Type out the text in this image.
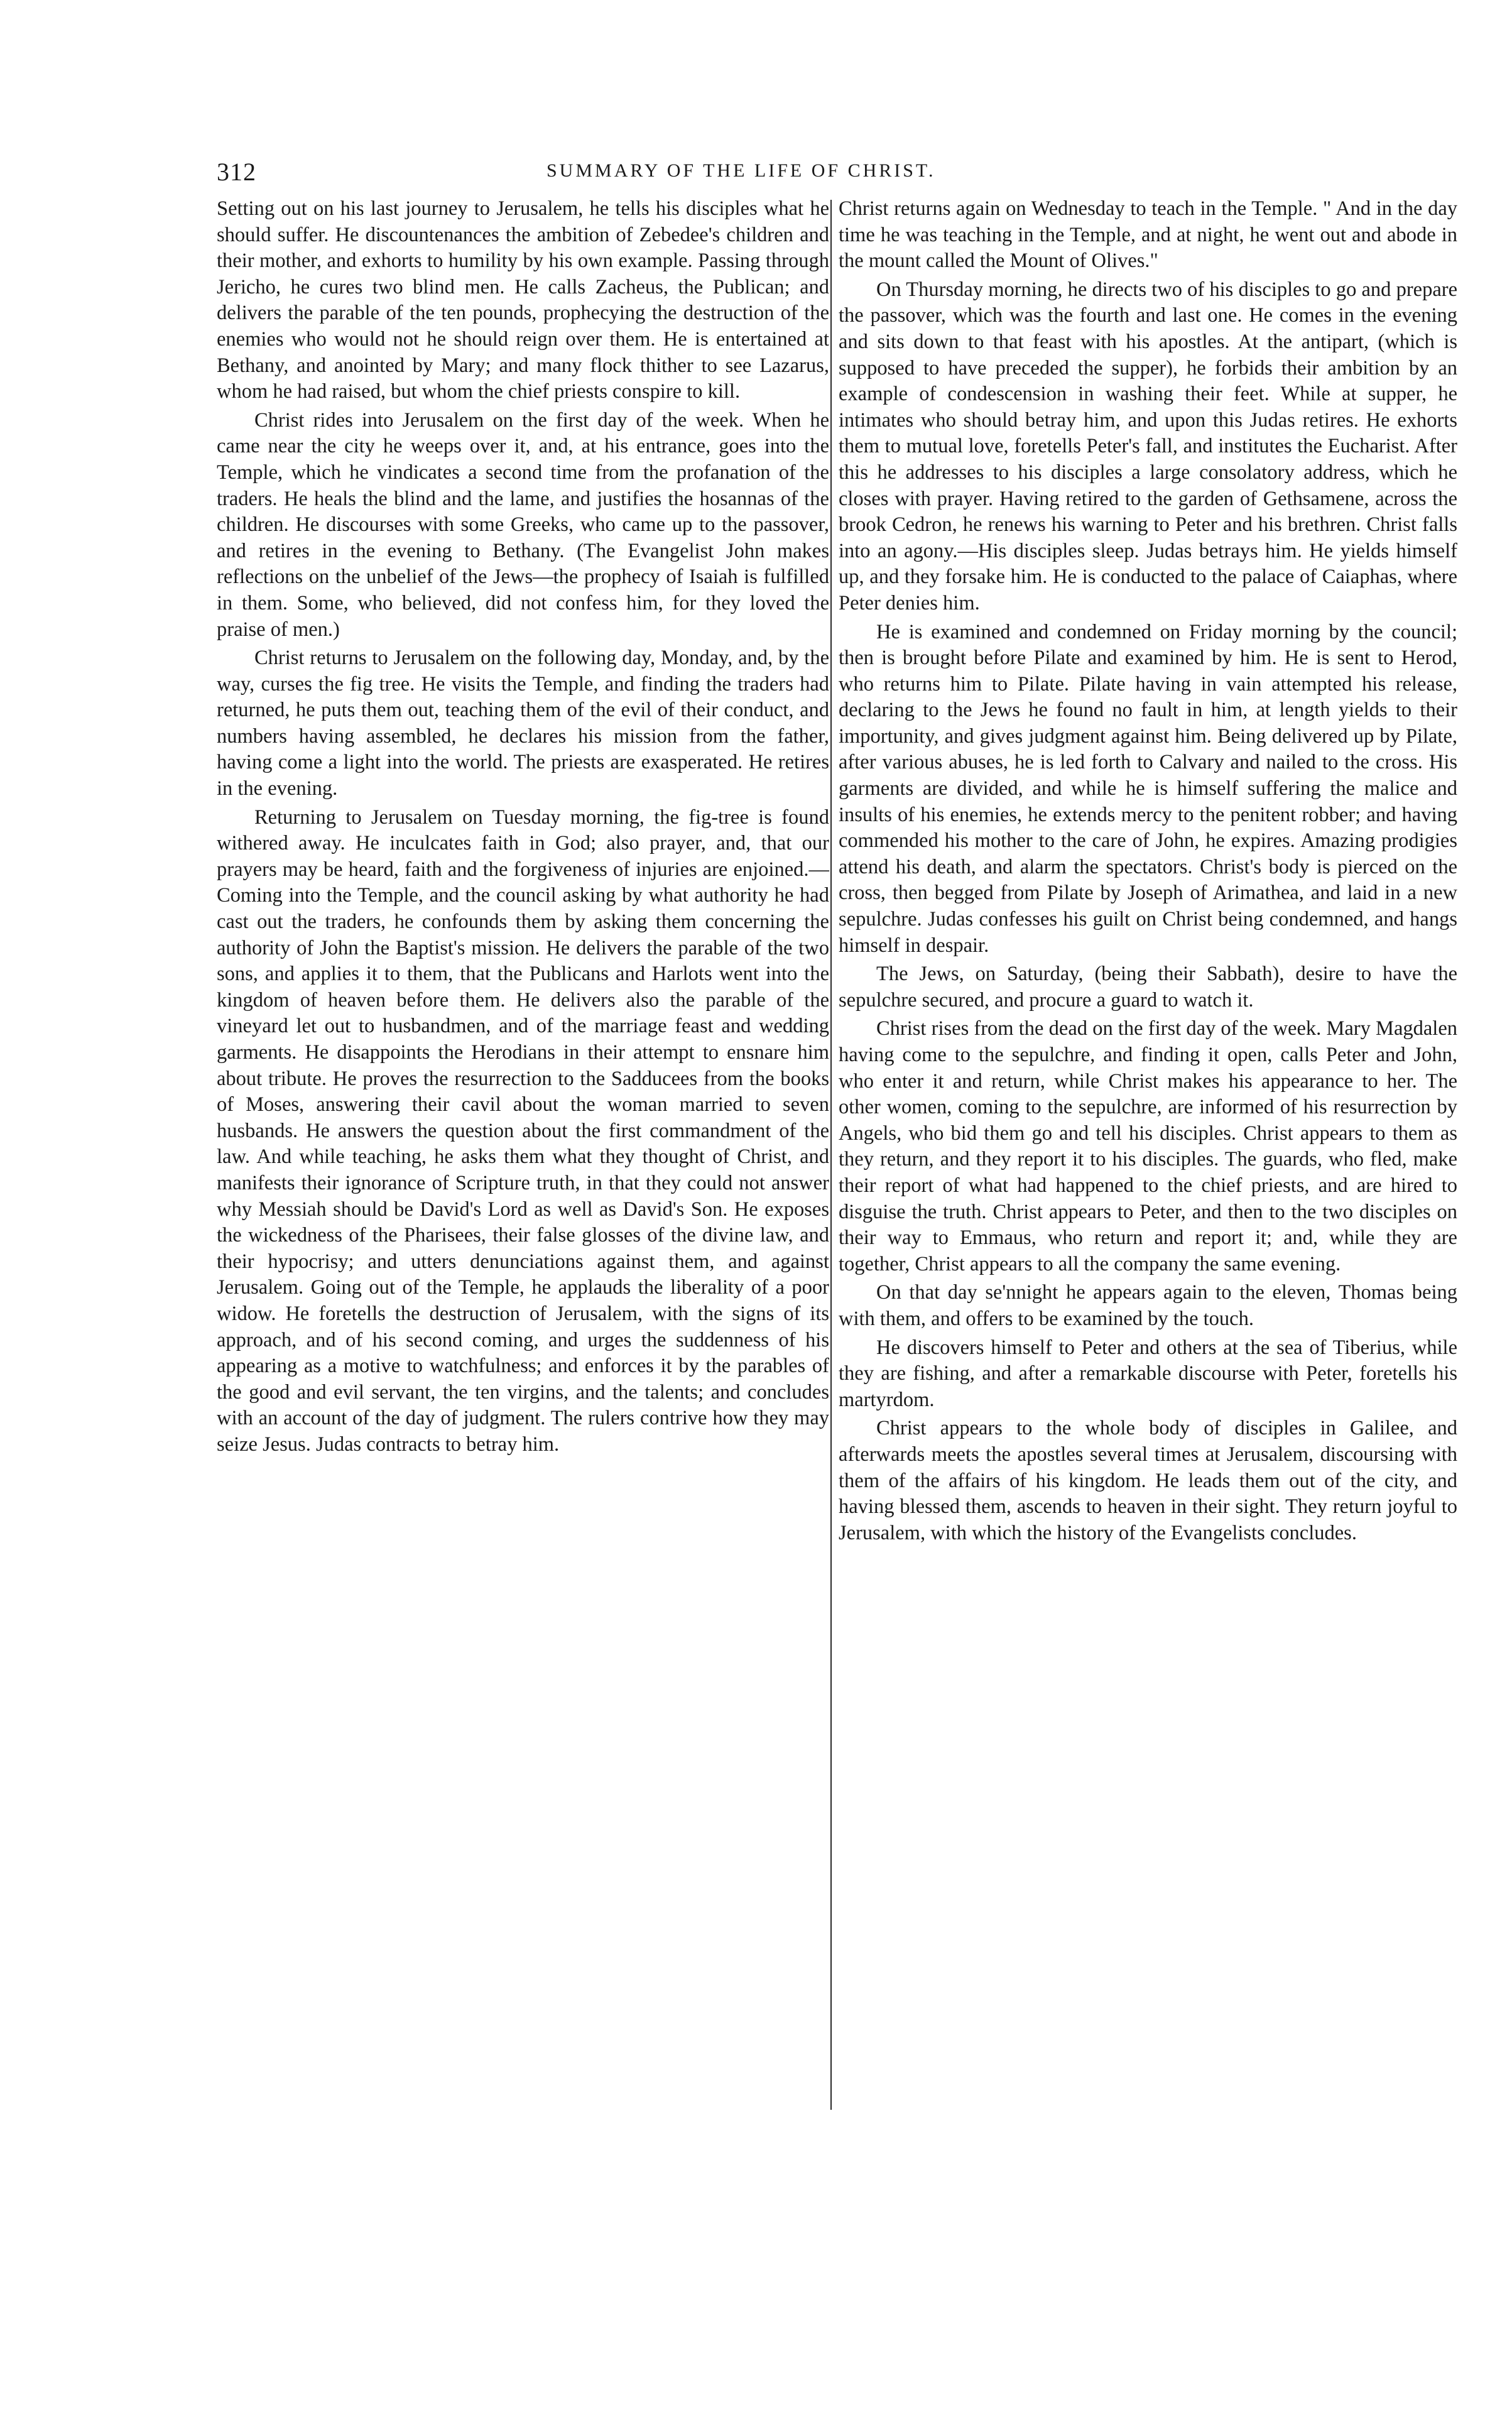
312	SUMMARY OF THE LIFE OF CHRIST.

Setting out on his last journey to Jerusalem, he tells his disciples what he should suffer. He discountenances the ambition of Zebedee's children and their mother, and exhorts to humility by his own example. Passing through Jericho, he cures two blind men. He calls Zacheus, the Publican; and delivers the parable of the ten pounds, prophecying the destruction of the enemies who would not he should reign over them. He is entertained at Bethany, and anointed by Mary; and many flock thither to see Lazarus, whom he had raised, but whom the chief priests conspire to kill.

Christ rides into Jerusalem on the first day of the week. When he came near the city he weeps over it, and, at his entrance, goes into the Temple, which he vindicates a second time from the profanation of the traders. He heals the blind and the lame, and justifies the hosannas of the children. He discourses with some Greeks, who came up to the passover, and retires in the evening to Bethany. (The Evangelist John makes reflections on the unbelief of the Jews—the prophecy of Isaiah is fulfilled in them. Some, who believed, did not confess him, for they loved the praise of men.)

Christ returns to Jerusalem on the following day, Monday, and, by the way, curses the fig tree. He visits the Temple, and finding the traders had returned, he puts them out, teaching them of the evil of their conduct, and numbers having assembled, he declares his mission from the father, having come a light into the world. The priests are exasperated. He retires in the evening.

Returning to Jerusalem on Tuesday morning, the fig-tree is found withered away. He inculcates faith in God; also prayer, and, that our prayers may be heard, faith and the forgiveness of injuries are enjoined.—Coming into the Temple, and the council asking by what authority he had cast out the traders, he confounds them by asking them concerning the authority of John the Baptist's mission. He delivers the parable of the two sons, and applies it to them, that the Publicans and Harlots went into the kingdom of heaven before them. He delivers also the parable of the vineyard let out to husbandmen, and of the marriage feast and wedding garments. He disappoints the Herodians in their attempt to ensnare him about tribute. He proves the resurrection to the Sadducees from the books of Moses, answering their cavil about the woman married to seven husbands. He answers the question about the first commandment of the law. And while teaching, he asks them what they thought of Christ, and manifests their ignorance of Scripture truth, in that they could not answer why Messiah should be David's Lord as well as David's Son. He exposes the wickedness of the Pharisees, their false glosses of the divine law, and their hypocrisy; and utters denunciations against them, and against Jerusalem. Going out of the Temple, he applauds the liberality of a poor widow. He foretells the destruction of Jerusalem, with the signs of its approach, and of his second coming, and urges the suddenness of his appearing as a motive to watchfulness; and enforces it by the parables of the good and evil servant, the ten virgins, and the talents; and concludes with an account of the day of judgment. The rulers contrive how they may seize Jesus. Judas contracts to betray him.

Christ returns again on Wednesday to teach in the Temple. " And in the day time he was teaching in the Temple, and at night, he went out and abode in the mount called the Mount of Olives."

On Thursday morning, he directs two of his disciples to go and prepare the passover, which was the fourth and last one. He comes in the evening and sits down to that feast with his apostles. At the antipart, (which is supposed to have preceded the supper), he forbids their ambition by an example of condescension in washing their feet. While at supper, he intimates who should betray him, and upon this Judas retires. He exhorts them to mutual love, foretells Peter's fall, and institutes the Eucharist. After this he addresses to his disciples a large consolatory address, which he closes with prayer. Having retired to the garden of Gethsamene, across the brook Cedron, he renews his warning to Peter and his brethren. Christ falls into an agony.—His disciples sleep. Judas betrays him. He yields himself up, and they forsake him. He is conducted to the palace of Caiaphas, where Peter denies him.

He is examined and condemned on Friday morning by the council; then is brought before Pilate and examined by him. He is sent to Herod, who returns him to Pilate. Pilate having in vain attempted his release, declaring to the Jews he found no fault in him, at length yields to their importunity, and gives judgment against him. Being delivered up by Pilate, after various abuses, he is led forth to Calvary and nailed to the cross. His garments are divided, and while he is himself suffering the malice and insults of his enemies, he extends mercy to the penitent robber; and having commended his mother to the care of John, he expires. Amazing prodigies attend his death, and alarm the spectators. Christ's body is pierced on the cross, then begged from Pilate by Joseph of Arimathea, and laid in a new sepulchre. Judas confesses his guilt on Christ being condemned, and hangs himself in despair.

The Jews, on Saturday, (being their Sabbath), desire to have the sepulchre secured, and procure a guard to watch it.

Christ rises from the dead on the first day of the week. Mary Magdalen having come to the sepulchre, and finding it open, calls Peter and John, who enter it and return, while Christ makes his appearance to her. The other women, coming to the sepulchre, are informed of his resurrection by Angels, who bid them go and tell his disciples. Christ appears to them as they return, and they report it to his disciples. The guards, who fled, make their report of what had happened to the chief priests, and are hired to disguise the truth. Christ appears to Peter, and then to the two disciples on their way to Emmaus, who return and report it; and, while they are together, Christ appears to all the company the same evening.

On that day se'nnight he appears again to the eleven, Thomas being with them, and offers to be examined by the touch.

He discovers himself to Peter and others at the sea of Tiberius, while they are fishing, and after a remarkable discourse with Peter, foretells his martyrdom.

Christ appears to the whole body of disciples in Galilee, and afterwards meets the apostles several times at Jerusalem, discoursing with them of the affairs of his kingdom. He leads them out of the city, and having blessed them, ascends to heaven in their sight. They return joyful to Jerusalem, with which the history of the Evangelists concludes.
